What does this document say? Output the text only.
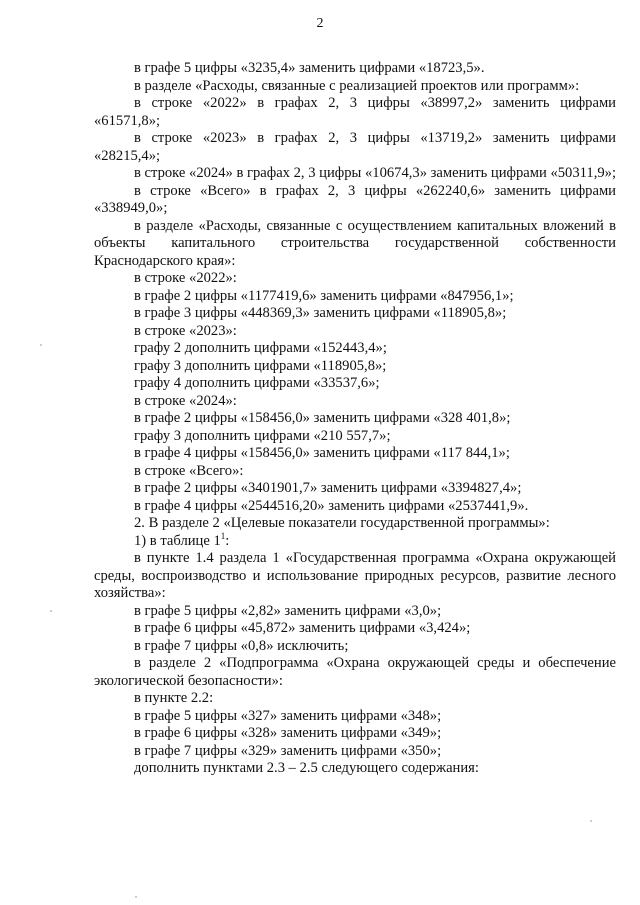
2

в графе 5 цифры «3235,4» заменить цифрами «18723,5».

в разделе «Расходы, связанные с реализацией проектов или программ»:

в строке «2022» в графах 2, 3 цифры «38997,2» заменить цифрами «61571,8»;

в строке «2023» в графах 2, 3 цифры «13719,2» заменить цифрами «28215,4»;

в строке «2024» в графах 2, 3 цифры «10674,3» заменить цифрами «50311,9»;

в строке «Всего» в графах 2, 3 цифры «262240,6» заменить цифрами «338949,0»;

в разделе «Расходы, связанные с осуществлением капитальных вложений в объекты капитального строительства государственной собственности Краснодарского края»:

в строке «2022»:

в графе 2 цифры «1177419,6» заменить цифрами «847956,1»;

в графе 3 цифры «448369,3» заменить цифрами «118905,8»;

в строке «2023»:

графу 2 дополнить цифрами «152443,4»;

графу 3 дополнить цифрами «118905,8»;

графу 4 дополнить цифрами «33537,6»;

в строке «2024»:

в графе 2 цифры «158456,0» заменить цифрами «328 401,8»;

графу 3 дополнить цифрами «210 557,7»;

в графе 4 цифры «158456,0» заменить цифрами «117 844,1»;

в строке «Всего»:

в графе 2 цифры «3401901,7» заменить цифрами «3394827,4»;

в графе 4 цифры «2544516,20» заменить цифрами «2537441,9».

2. В разделе 2 «Целевые показатели государственной программы»:

1) в таблице $1^1$:

в пункте 1.4 раздела 1 «Государственная программа «Охрана окружающей среды, воспроизводство и использование природных ресурсов, развитие лесного хозяйства»:

в графе 5 цифры «2,82» заменить цифрами «3,0»;

в графе 6 цифры «45,872» заменить цифрами «3,424»;

в графе 7 цифры «0,8» исключить;

в разделе 2 «Подпрограмма «Охрана окружающей среды и обеспечение экологической безопасности»:

в пункте 2.2:

в графе 5 цифры «327» заменить цифрами «348»;

в графе 6 цифры «328» заменить цифрами «349»;

в графе 7 цифры «329» заменить цифрами «350»;

дополнить пунктами 2.3 – 2.5 следующего содержания:
